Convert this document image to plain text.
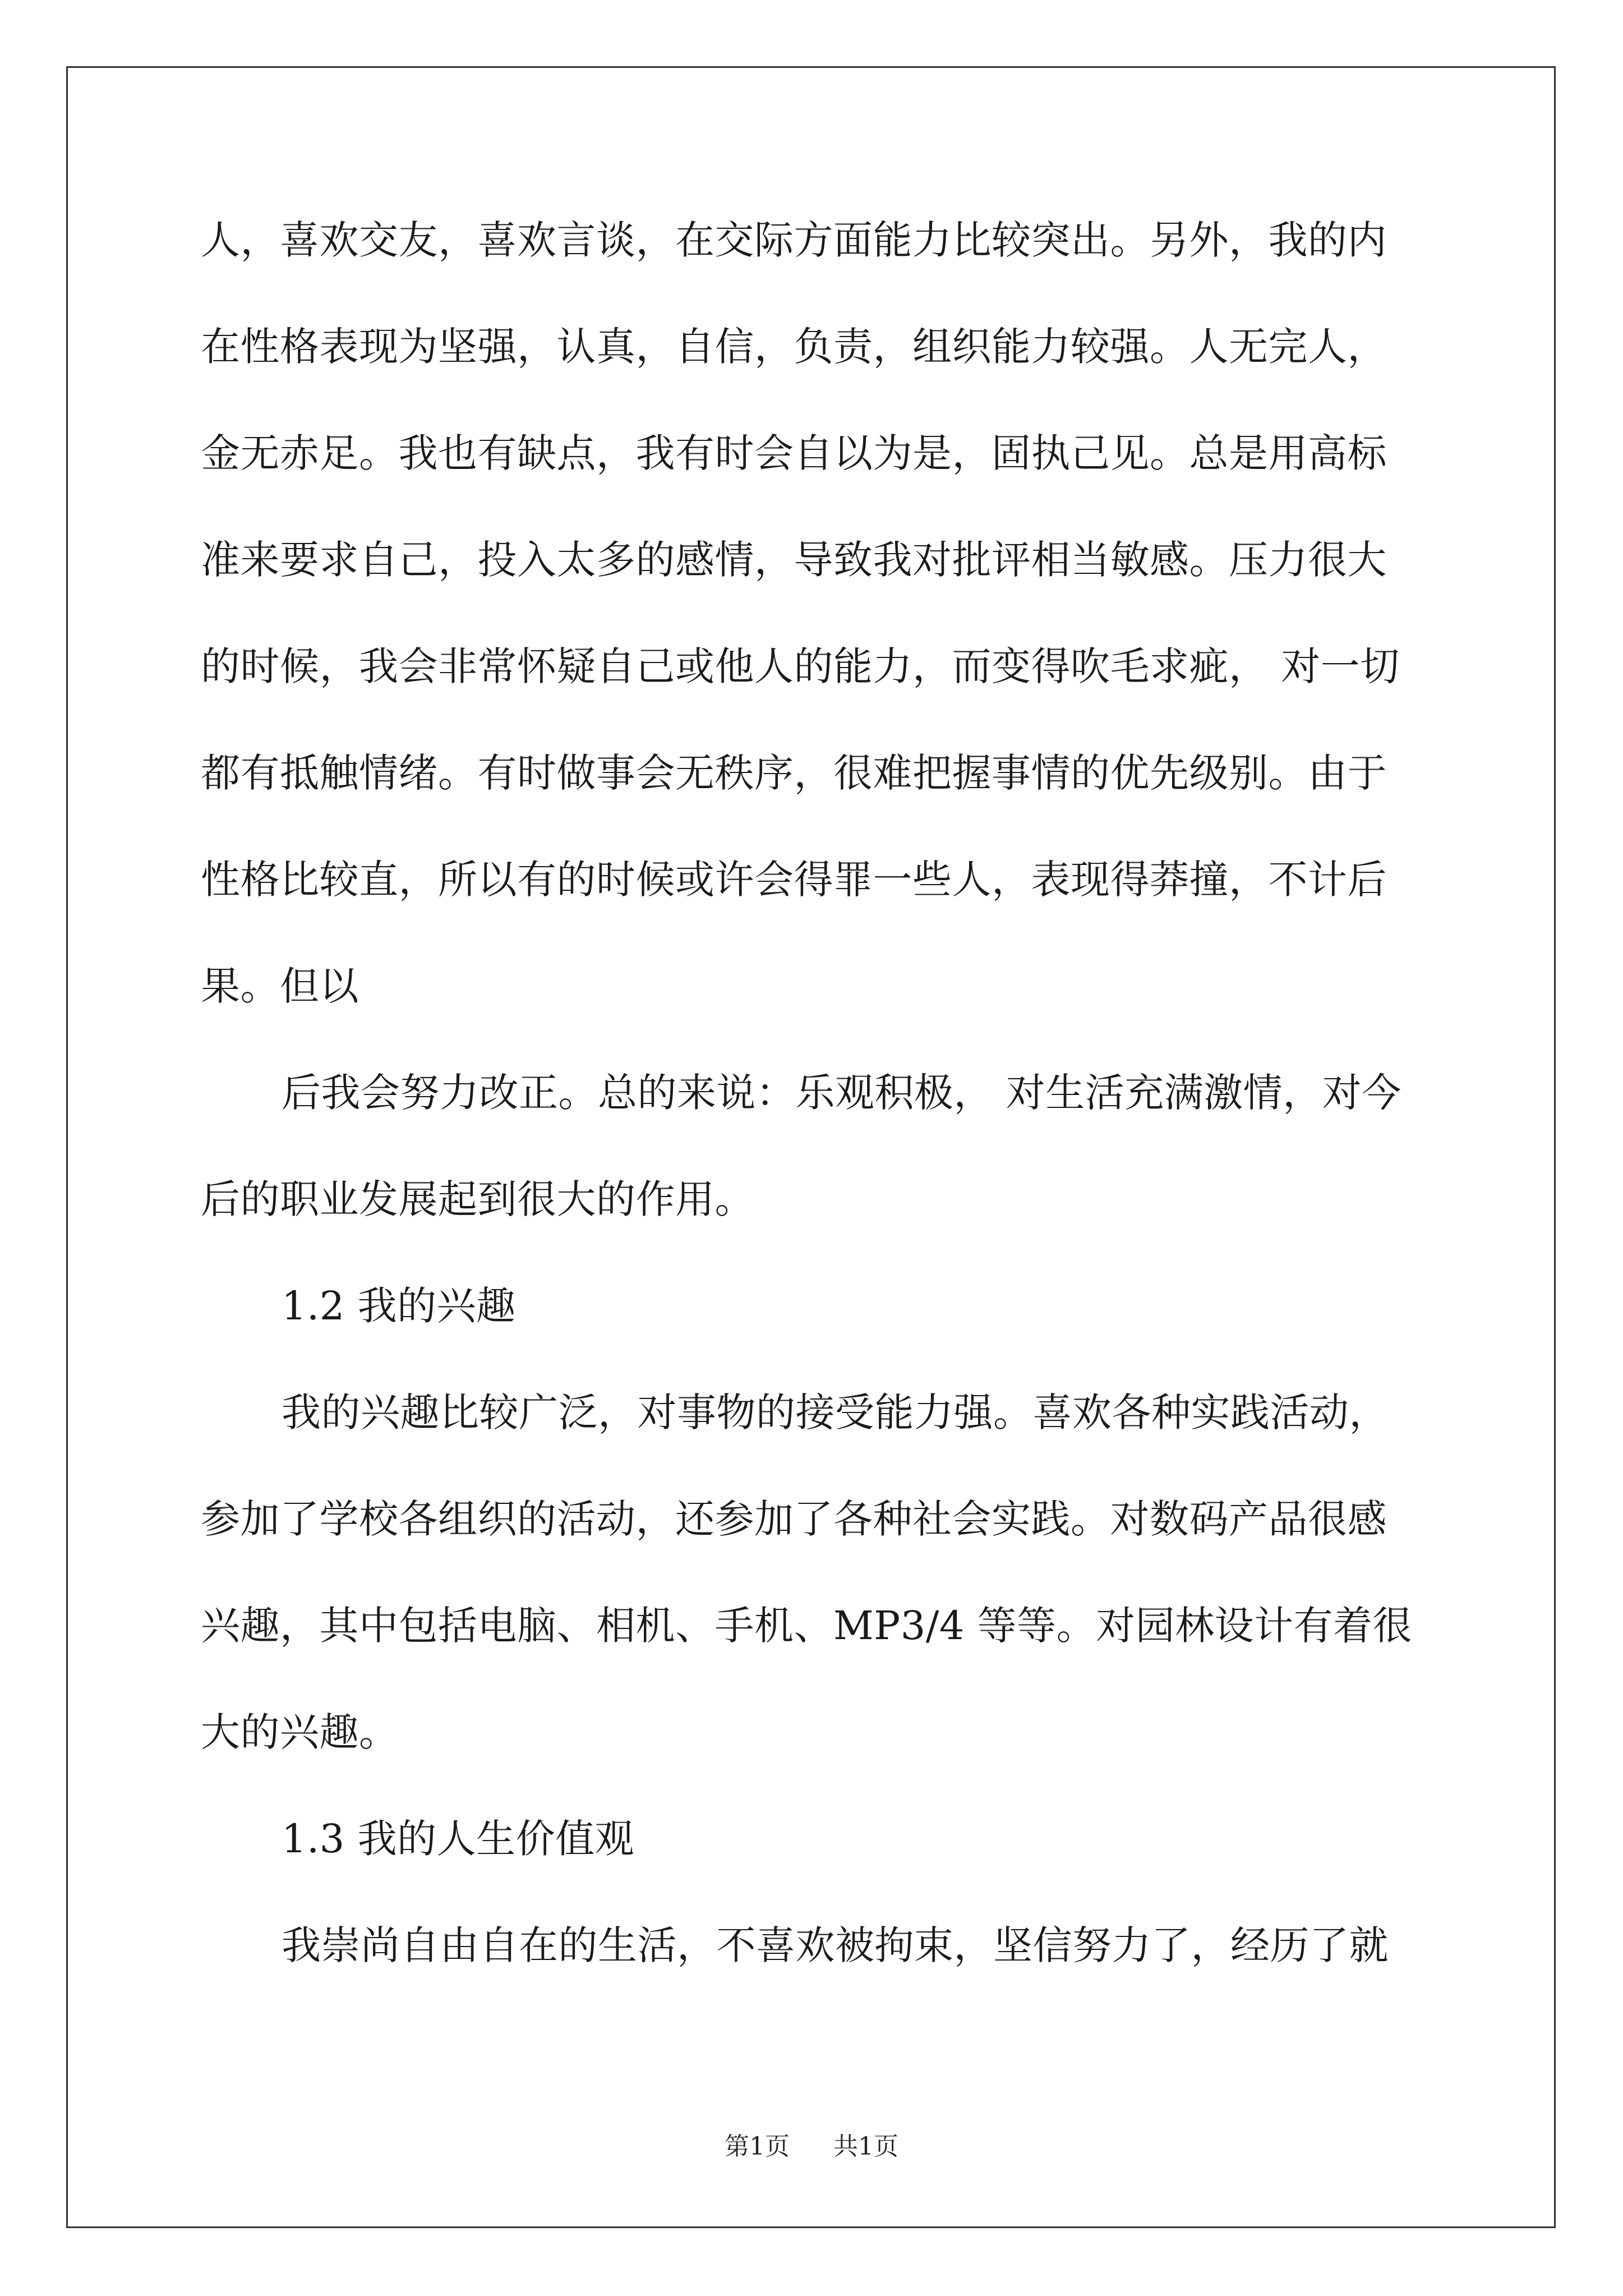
人，喜欢交友，喜欢言谈，在交际方面能力比较突出。另外，我的内
在性格表现为坚强，认真，自信，负责，组织能力较强。人无完人，
金无赤足。我也有缺点，我有时会自以为是，固执己见。总是用高标
准来要求自己，投入太多的感情，导致我对批评相当敏感。压力很大
的时候，我会非常怀疑自己或他人的能力，而变得吹毛求疵， 对一切
都有抵触情绪。有时做事会无秩序，很难把握事情的优先级别。由于
性格比较直，所以有的时候或许会得罪一些人，表现得莽撞，不计后
果。但以
后我会努力改正。总的来说：乐观积极， 对生活充满激情，对今
后的职业发展起到很大的作用。
1.2 我的兴趣
我的兴趣比较广泛，对事物的接受能力强。喜欢各种实践活动，
参加了学校各组织的活动，还参加了各种社会实践。对数码产品很感
兴趣，其中包括电脑、相机、手机、MP3/4 等等。对园林设计有着很
大的兴趣。
1.3 我的人生价值观
我崇尚自由自在的生活，不喜欢被拘束，坚信努力了，经历了就
第1页 共1页
